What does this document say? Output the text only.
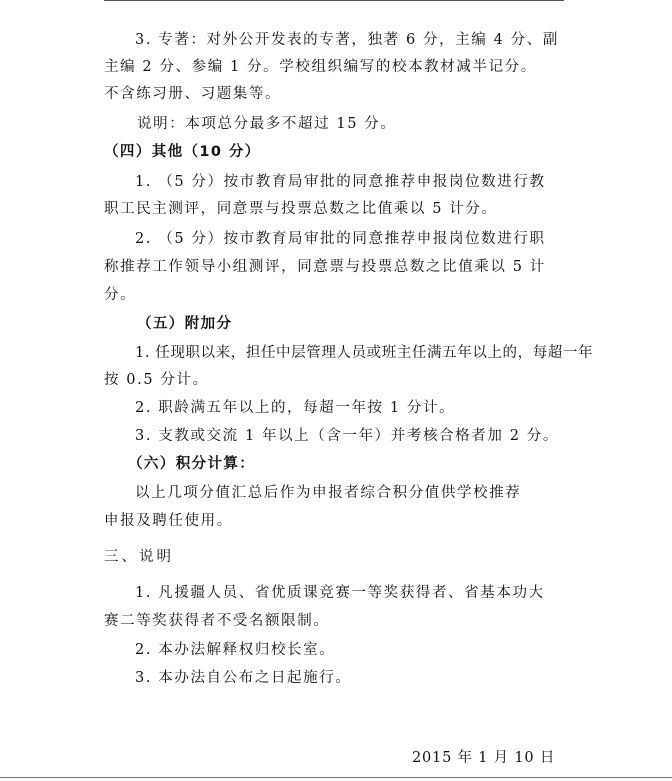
3. 专著：对外公开发表的专著，独著 6 分，主编 4 分、副
主编 2 分、参编 1 分。学校组织编写的校本教材减半记分。
不含练习册、习题集等。
说明：本项总分最多不超过 15 分。
（四）其他（10 分）
1. （5 分）按市教育局审批的同意推荐申报岗位数进行教
职工民主测评，同意票与投票总数之比值乘以 5 计分。
2. （5 分）按市教育局审批的同意推荐申报岗位数进行职
称推荐工作领导小组测评，同意票与投票总数之比值乘以 5 计
分。
（五）附加分
1. 任现职以来，担任中层管理人员或班主任满五年以上的，每超一年
按 0.5 分计。
2. 职龄满五年以上的，每超一年按 1 分计。
3. 支教或交流 1 年以上（含一年）并考核合格者加 2 分。
（六）积分计算：
以上几项分值汇总后作为申报者综合积分值供学校推荐
申报及聘任使用。
三、说明
1. 凡援疆人员、省优质课竞赛一等奖获得者、省基本功大
赛二等奖获得者不受名额限制。
2. 本办法解释权归校长室。
3. 本办法自公布之日起施行。
2015 年 1 月 10 日
